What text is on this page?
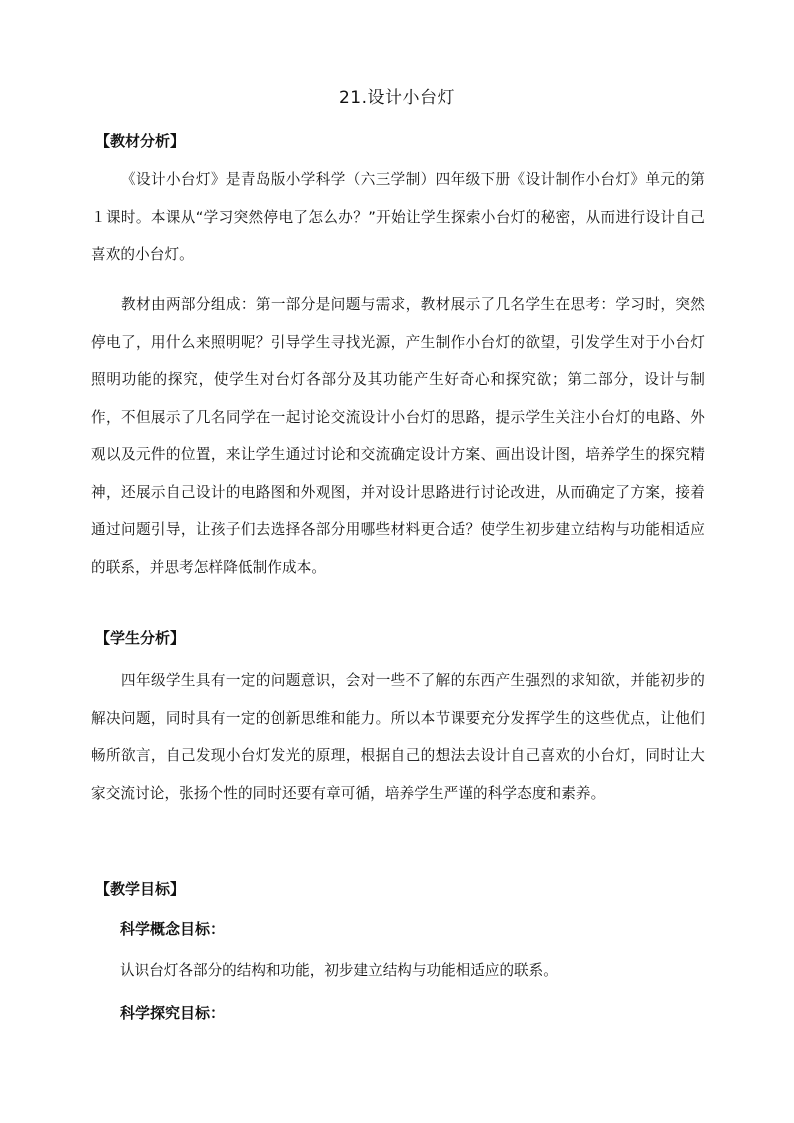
21.设计小台灯
【教材分析】
《设计小台灯》是青岛版小学科学（六三学制）四年级下册《设计制作小台灯》单元的第１课时。本课从“学习突然停电了怎么办？”开始让学生探索小台灯的秘密，从而进行设计自己喜欢的小台灯。
教材由两部分组成：第一部分是问题与需求，教材展示了几名学生在思考：学习时，突然停电了，用什么来照明呢？引导学生寻找光源，产生制作小台灯的欲望，引发学生对于小台灯照明功能的探究，使学生对台灯各部分及其功能产生好奇心和探究欲；第二部分，设计与制作，不但展示了几名同学在一起讨论交流设计小台灯的思路，提示学生关注小台灯的电路、外观以及元件的位置，来让学生通过讨论和交流确定设计方案、画出设计图，培养学生的探究精神，还展示自己设计的电路图和外观图，并对设计思路进行讨论改进，从而确定了方案，接着通过问题引导，让孩子们去选择各部分用哪些材料更合适？使学生初步建立结构与功能相适应的联系，并思考怎样降低制作成本。
【学生分析】
四年级学生具有一定的问题意识，会对一些不了解的东西产生强烈的求知欲，并能初步的解决问题，同时具有一定的创新思维和能力。所以本节课要充分发挥学生的这些优点，让他们畅所欲言，自己发现小台灯发光的原理，根据自己的想法去设计自己喜欢的小台灯，同时让大家交流讨论，张扬个性的同时还要有章可循，培养学生严谨的科学态度和素养。
【教学目标】
科学概念目标：
认识台灯各部分的结构和功能，初步建立结构与功能相适应的联系。
科学探究目标：
